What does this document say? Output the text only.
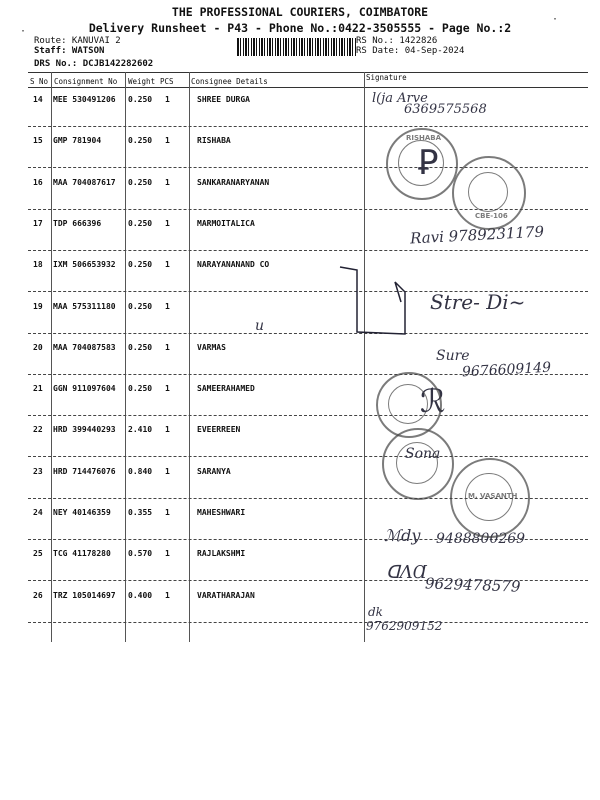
THE PROFESSIONAL COURIERS, COIMBATORE
Delivery Runsheet - P43 - Phone No.:0422-3505555 - Page No.:2
·
·
Route: KANUVAI 2
Staff: WATSON
DRS No.: DCJB142282602
RS No.: 1422826
RS Date: 04-Sep-2024
S No Consignment No Weight PCS Consignee Details	Signature
14 MEE 530491206 0.250 1	SHREE DURGA
15 GMP 781904	0.250 1	RISHABA
16 MAA 704087617 0.250 1	SANKARANARYANAN
17 TDP 666396	0.250 1	MARMOITALICA
18 IXM 506653932 0.250 1	NARAYANANAND CO
19 MAA 575311180 0.250 1
20 MAA 704087583 0.250 1	VARMAS
21 GGN 911097604 0.250 1	SAMEERAHAMED
22 HRD 399440293 2.410 1	EVEERREEN
23 HRD 714476076 0.840 1	SARANYA
24 NEY 40146359 0.355 1	MAHESHWARI
25 TCG 41178280 0.570 1	RAJLAKSHMI
26 TRZ 105014697 0.400 1	VARATHARAJAN
l(ja Arve
6369575568
Ꝑ
Ravi 9789231179
u
Stre- Di~
Sure
9676609149
ℛ
Sona
ℳdy 9488800269
ᗡɅⱭ
9629478579
dk
9762909152
RISHABA
CBE-106
M. VASANTH
